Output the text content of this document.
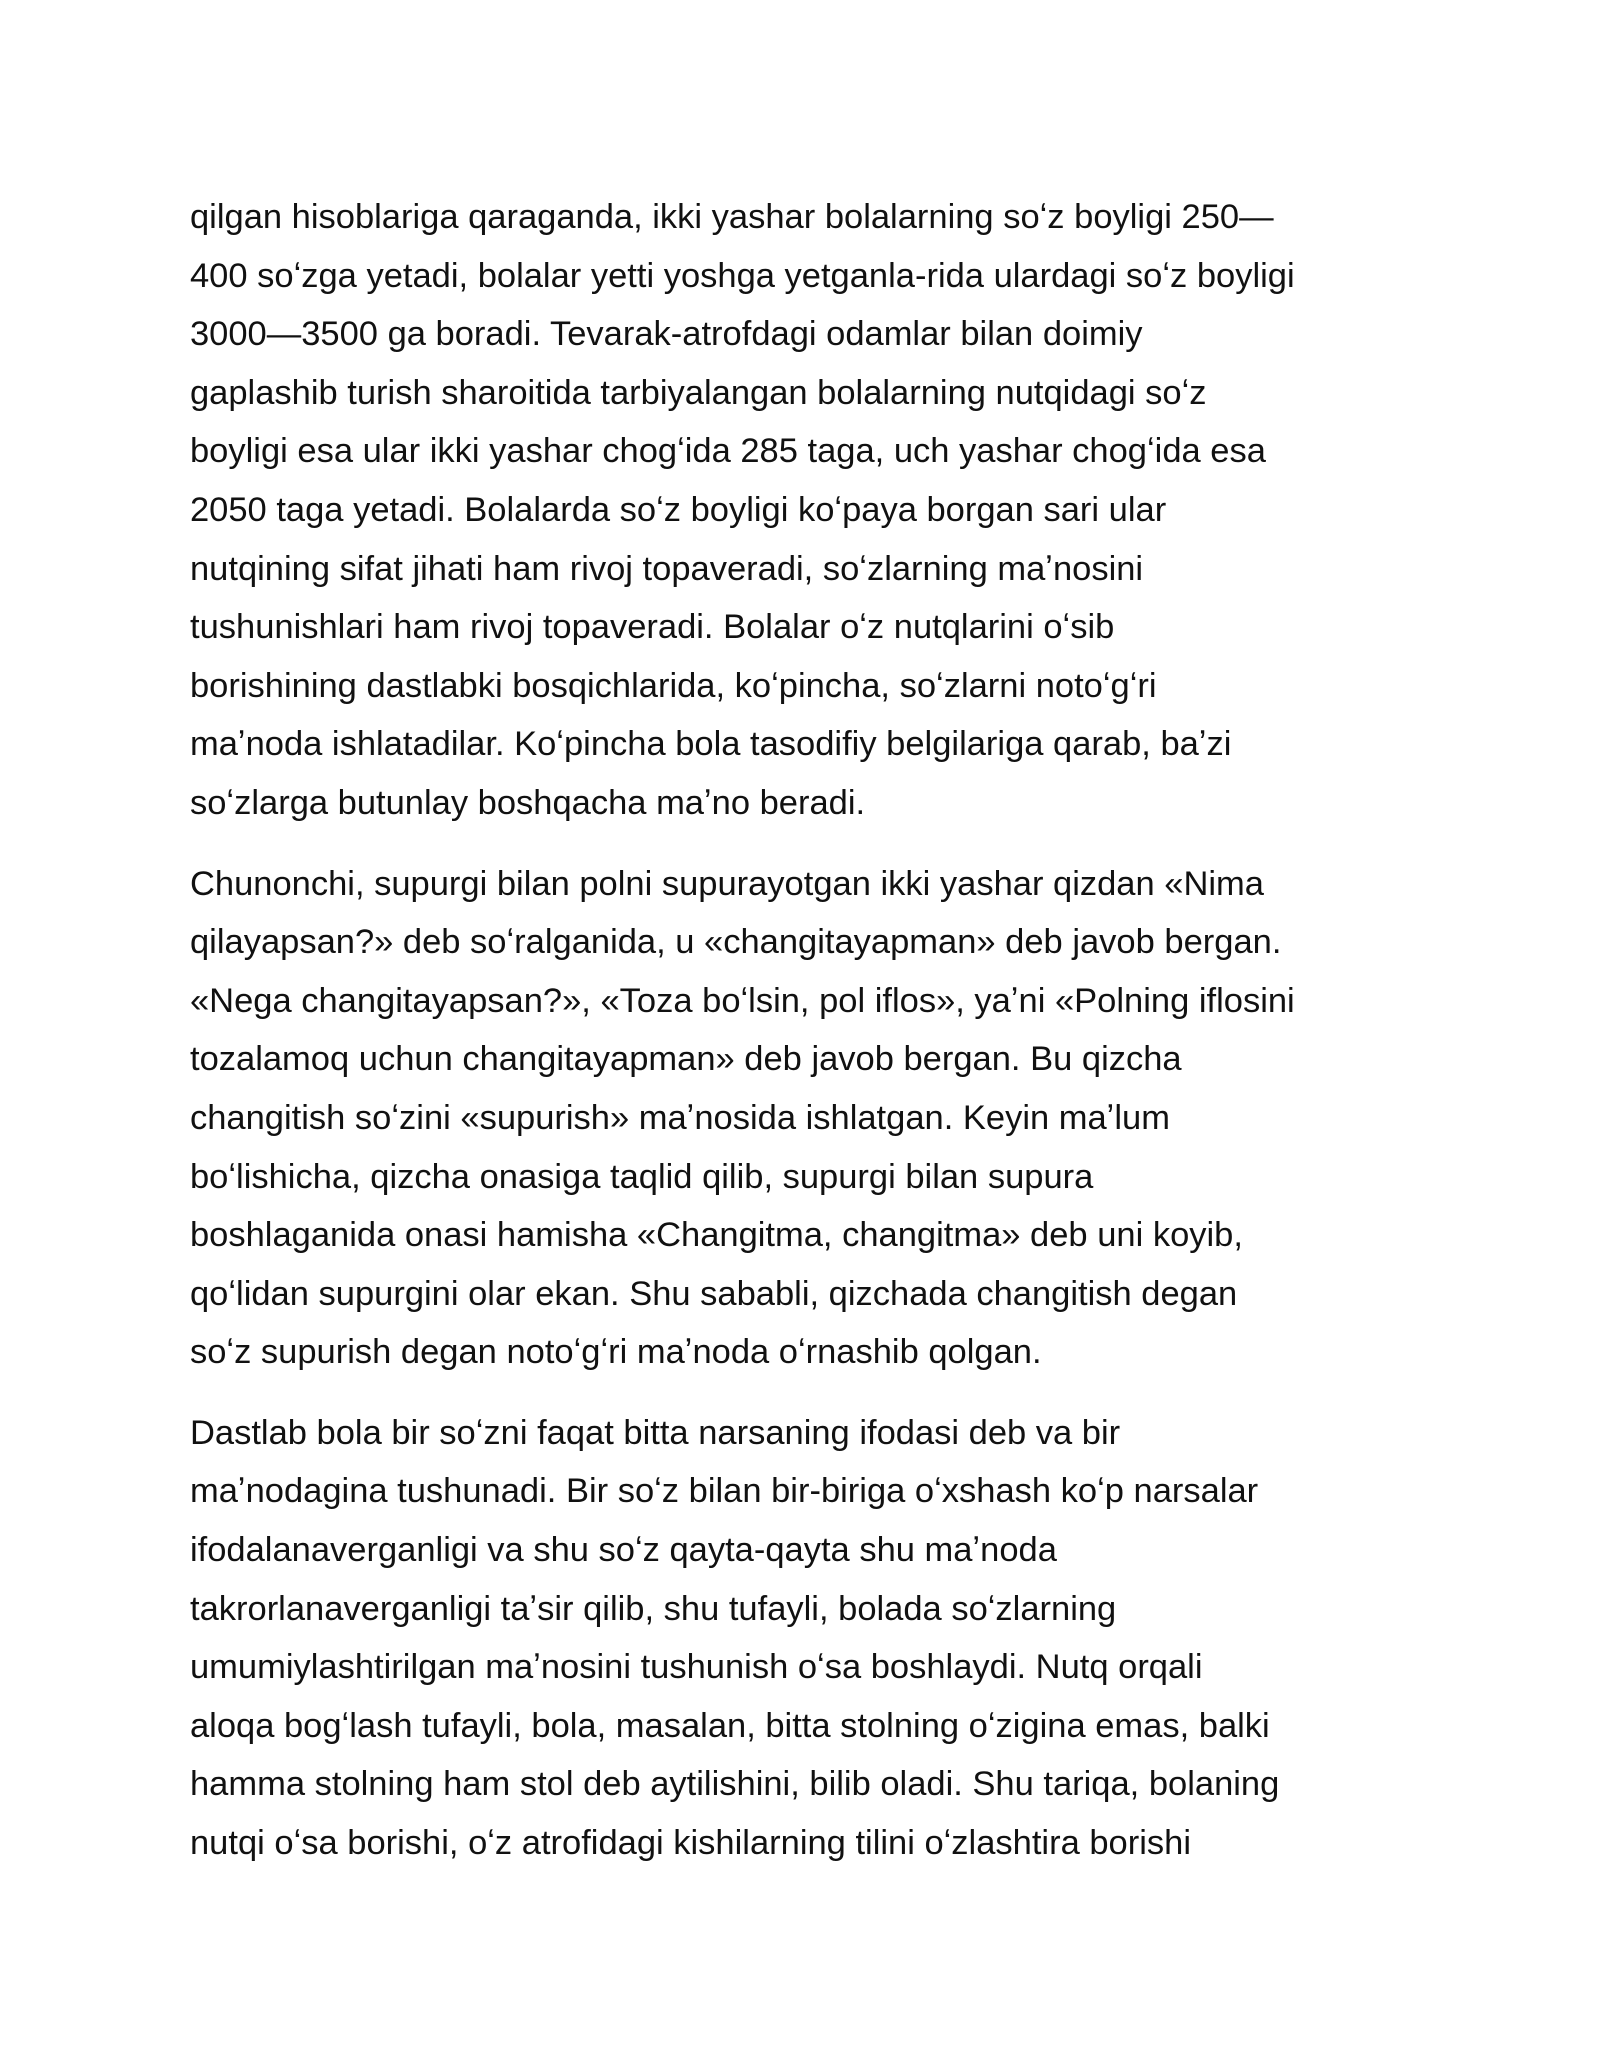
qilgan hisoblariga qaraganda, ikki yashar bolalarning soʻz boyligi 250—
400 soʻzga yetadi, bolalar yetti yoshga yetganla-rida ulardagi soʻz boyligi
3000—3500 ga boradi. Tevarak-atrofdagi odamlar bilan doimiy
gaplashib turish sharoitida tarbiyalangan bolalarning nutqidagi soʻz
boyligi esa ular ikki yashar chogʻida 285 taga, uch yashar chogʻida esa
2050 taga yetadi. Bolalarda soʻz boyligi koʻpaya borgan sari ular
nutqining sifat jihati ham rivoj topaveradi, soʻzlarning maʼnosini
tushunishlari ham rivoj topaveradi. Bolalar oʻz nutqlarini oʻsib
borishining dastlabki bosqichlarida, koʻpincha, soʻzlarni notoʻgʻri
maʼnoda ishlatadilar. Koʻpincha bola tasodifiy belgilariga qarab, baʼzi
soʻzlarga butunlay boshqacha maʼno beradi.

Chunonchi, supurgi bilan polni supurayotgan ikki yashar qizdan «Nima
qilayapsan?» deb soʻralganida, u «changitayapman» deb javob bergan.
«Nega changitayapsan?», «Toza boʻlsin, pol iflos», yaʼni «Polning iflosini
tozalamoq uchun changitayapman» deb javob bergan. Bu qizcha
changitish soʻzini «supurish» maʼnosida ishlatgan. Keyin maʼlum
boʻlishicha, qizcha onasiga taqlid qilib, supurgi bilan supura
boshlaganida onasi hamisha «Changitma, changitma» deb uni koyib,
qoʻlidan supurgini olar ekan. Shu sababli, qizchada changitish degan
soʻz supurish degan notoʻgʻri maʼnoda oʻrnashib qolgan.

Dastlab bola bir soʻzni faqat bitta narsaning ifodasi deb va bir
maʼnodagina tushunadi. Bir soʻz bilan bir-biriga oʻxshash koʻp narsalar
ifodalanaverganligi va shu soʻz qayta-qayta shu maʼnoda
takrorlanaverganligi taʼsir qilib, shu tufayli, bolada soʻzlarning
umumiylashtirilgan maʼnosini tushunish oʻsa boshlaydi. Nutq orqali
aloqa bogʻlash tufayli, bola, masalan, bitta stolning oʻzigina emas, balki
hamma stolning ham stol deb aytilishini, bilib oladi. Shu tariqa, bolaning
nutqi oʻsa borishi, oʻz atrofidagi kishilarning tilini oʻzlashtira borishi
